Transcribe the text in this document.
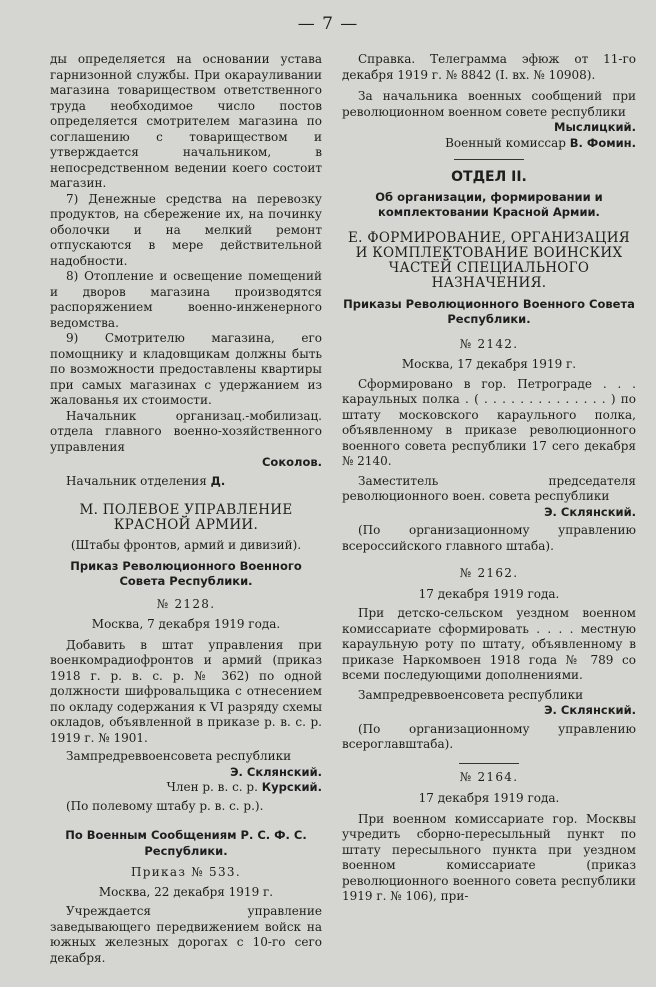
— 7 —

ды определяется на основании устава гарнизонной службы. При окарауливании магазина товариществом ответственного труда необходимое число постов определяется смотрителем магазина по соглашению с товариществом и утверждается начальником, в непосредственном ведении коего состоит магазин.

7) Денежные средства на перевозку продуктов, на сбережение их, на починку оболочки и на мелкий ремонт отпускаются в мере действительной надобности.

8) Отопление и освещение помещений и дворов магазина производятся распоряжением военно-инженерного ведомства.

9) Смотрителю магазина, его помощнику и кладовщикам должны быть по возможности предоставлены квартиры при самых магазинах с удержанием из жалованья их стоимости.

Начальник организац.-мобилизац. отдела главного военно-хозяйственного управления

Соколов.

Начальник отделения Д.

М. ПОЛЕВОЕ УПРАВЛЕНИЕ КРАСНОЙ АРМИИ.

(Штабы фронтов, армий и дивизий).

Приказ Революционного Военного Совета Республики.

№ 2128.

Москва, 7 декабря 1919 года.

Добавить в штат управления при военкомрадиофронтов и армий (приказ 1918 г. р. в. с. р. № 362) по одной должности шифровальщика с отнесением по окладу содержания к VI разряду схемы окладов, объявленной в приказе р. в. с. р. 1919 г. № 1901.

Зампредреввоенсовета республики

Э. Склянский.

Член р. в. с. р. Курский.

(По полевому штабу р. в. с. р.).

По Военным Сообщениям Р. С. Ф. С. Республики.

Приказ № 533.

Москва, 22 декабря 1919 г.

Учреждается управление заведывающего передвижением войск на южных железных дорогах с 10-го сего декабря.

Справка. Телеграмма эфюж от 11-го декабря 1919 г. № 8842 (I. вх. № 10908).

За начальника военных сообщений при революционном военном совете республики

Мыслицкий.

Военный комиссар В. Фомин.

ОТДЕЛ II.

Об организации, формировании и комплектовании Красной Армии.

Е. ФОРМИРОВАНИЕ, ОРГАНИЗАЦИЯ И КОМПЛЕКТОВАНИЕ ВОИНСКИХ ЧАСТЕЙ СПЕЦИАЛЬНОГО НАЗНАЧЕНИЯ.

Приказы Революционного Военного Совета Республики.

№ 2142.

Москва, 17 декабря 1919 г.

Сформировано в гор. Петрограде . . . караульных полка . ( . . . . . . . . . . . . . . ) по штату московского караульного полка, объявленному в приказе революционного военного совета республики 17 сего декабря № 2140.

Заместитель председателя революционного воен. совета республики

Э. Склянский.

(По организационному управлению всероссийского главного штаба).

№ 2162.

17 декабря 1919 года.

При детско-сельском уездном военном комиссариате сформировать . . . . местную караульную роту по штату, объявленному в приказе Наркомвоен 1918 года № 789 со всеми последующими дополнениями.

Зампредреввоенсовета республики

Э. Склянский.

(По организационному управлению всероглавштаба).

№ 2164.

17 декабря 1919 года.

При военном комиссариате гор. Москвы учредить сборно-пересыльный пункт по штату пересыльного пункта при уездном военном комиссариате (приказ революционного военного совета республики 1919 г. № 106), при-
